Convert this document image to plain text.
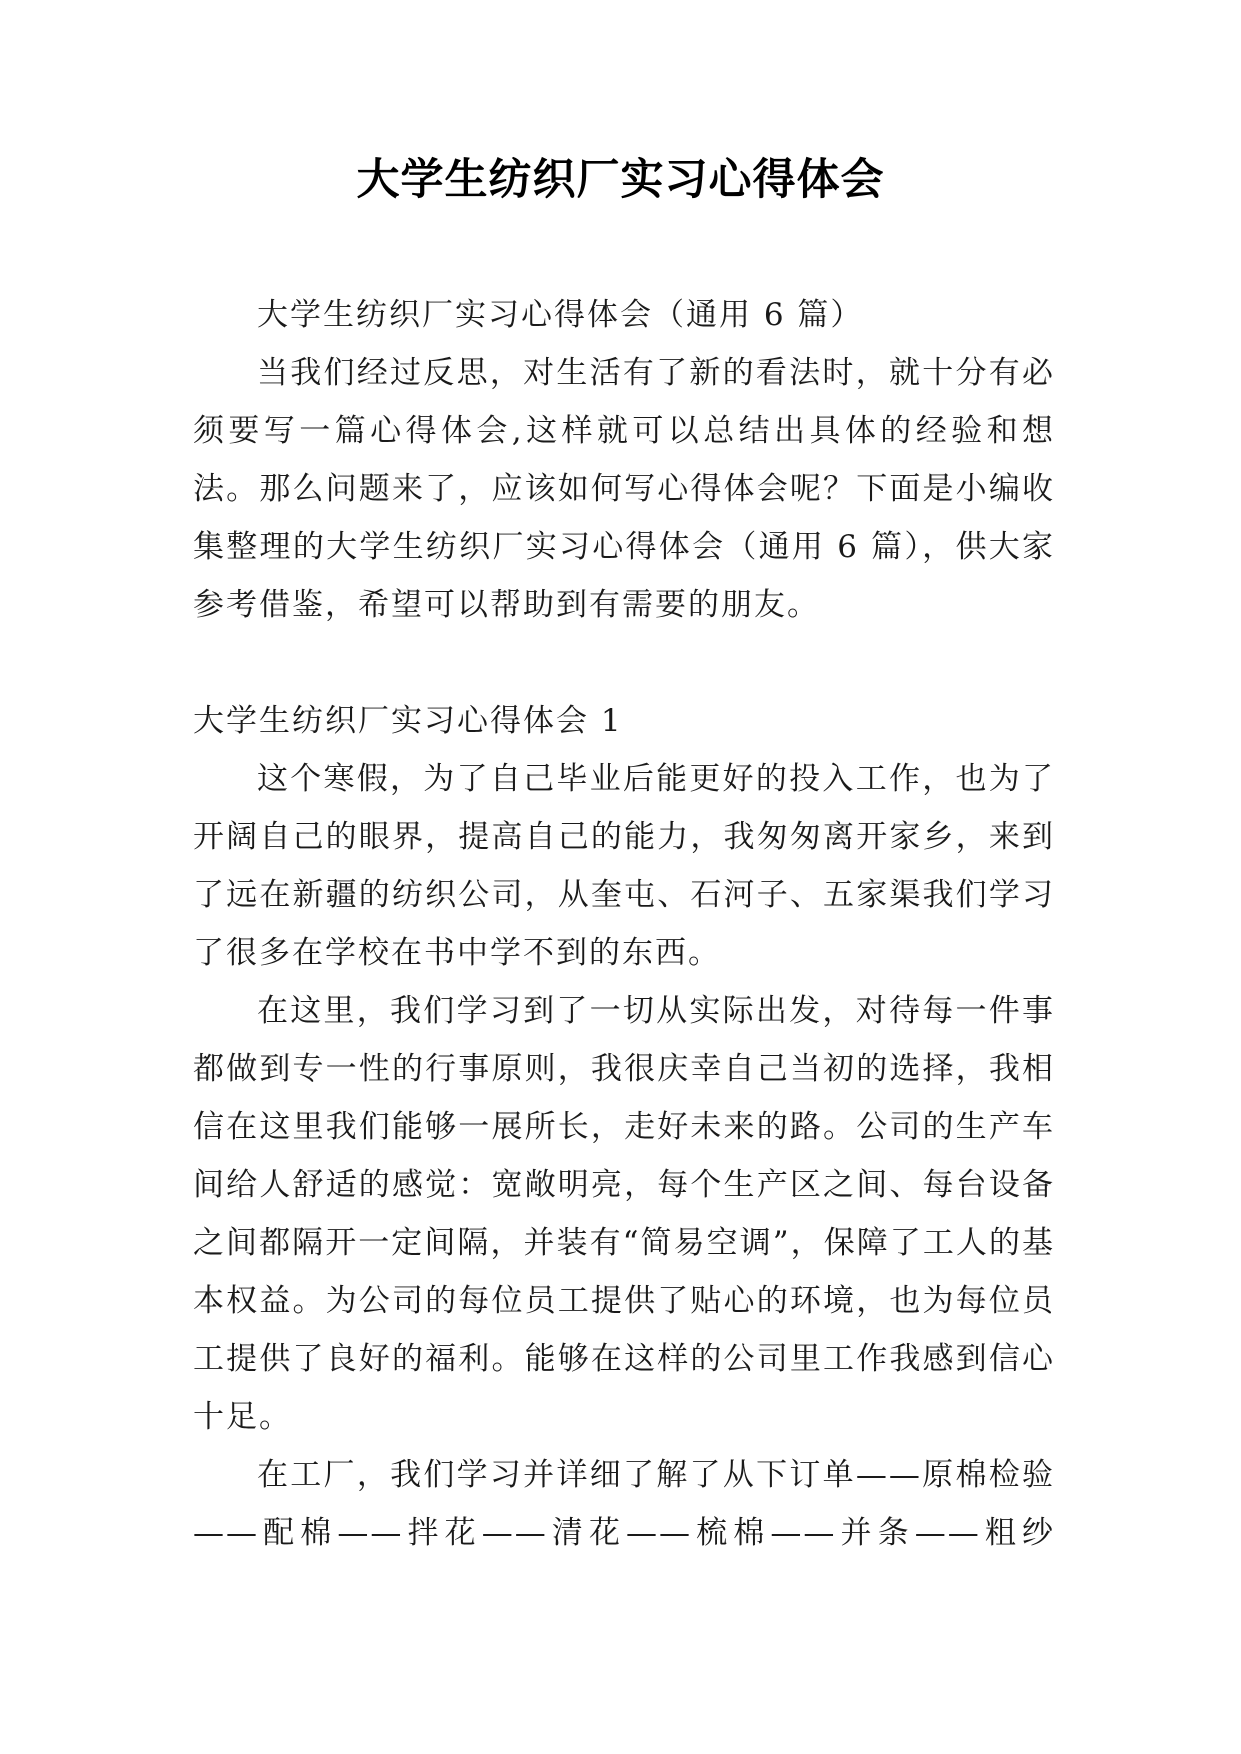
大学生纺织厂实习心得体会

大学生纺织厂实习心得体会（通用 6 篇）

当我们经过反思，对生活有了新的看法时，就十分有必须要写一篇心得体会,这样就可以总结出具体的经验和想法。那么问题来了，应该如何写心得体会呢？下面是小编收集整理的大学生纺织厂实习心得体会（通用 6 篇），供大家参考借鉴，希望可以帮助到有需要的朋友。

大学生纺织厂实习心得体会 1

这个寒假，为了自己毕业后能更好的投入工作，也为了开阔自己的眼界，提高自己的能力，我匆匆离开家乡，来到了远在新疆的纺织公司，从奎屯、石河子、五家渠我们学习了很多在学校在书中学不到的东西。

在这里，我们学习到了一切从实际出发，对待每一件事都做到专一性的行事原则，我很庆幸自己当初的选择，我相信在这里我们能够一展所长，走好未来的路。公司的生产车间给人舒适的感觉：宽敞明亮，每个生产区之间、每台设备之间都隔开一定间隔，并装有“简易空调”，保障了工人的基本权益。为公司的每位员工提供了贴心的环境，也为每位员工提供了良好的福利。能够在这样的公司里工作我感到信心十足。

在工厂，我们学习并详细了解了从下订单——原棉检验——配棉——拌花——清花——梳棉——并条——粗纱
